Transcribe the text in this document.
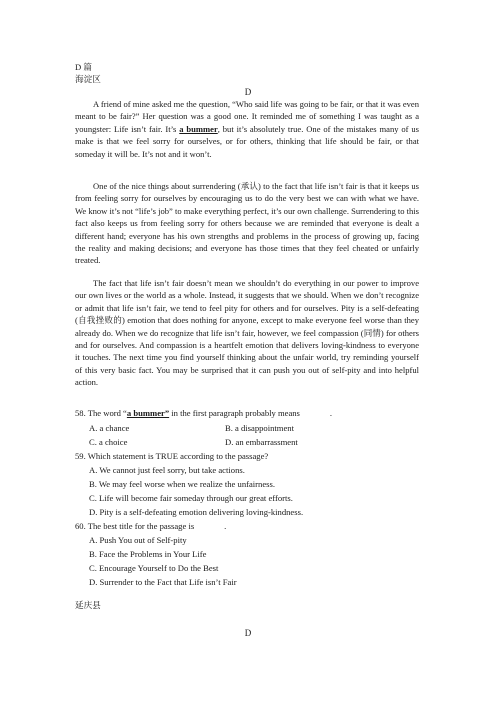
D 篇
海淀区
D
A friend of mine asked me the question, “Who said life was going to be fair, or that it was even meant to be fair?” Her question was a good one. It reminded me of something I was taught as a youngster: Life isn’t fair. It’s a bummer, but it’s absolutely true. One of the mistakes many of us make is that we feel sorry for ourselves, or for others, thinking that life should be fair, or that someday it will be. It’s not and it won’t.
One of the nice things about surrendering (承认) to the fact that life isn’t fair is that it keeps us from feeling sorry for ourselves by encouraging us to do the very best we can with what we have. We know it’s not “life’s job” to make everything perfect, it’s our own challenge. Surrendering to this fact also keeps us from feeling sorry for others because we are reminded that everyone is dealt a different hand; everyone has his own strengths and problems in the process of growing up, facing the reality and making decisions; and everyone has those times that they feel cheated or unfairly treated.
The fact that life isn’t fair doesn’t mean we shouldn’t do everything in our power to improve our own lives or the world as a whole. Instead, it suggests that we should. When we don’t recognize or admit that life isn’t fair, we tend to feel pity for others and for ourselves. Pity is a self-defeating (自我挫败的) emotion that does nothing for anyone, except to make everyone feel worse than they already do. When we do recognize that life isn’t fair, however, we feel compassion (同情) for others and for ourselves. And compassion is a heartfelt emotion that delivers loving-kindness to everyone it touches. The next time you find yourself thinking about the unfair world, try reminding yourself of this very basic fact. You may be surprised that it can push you out of self-pity and into helpful action.
58. The word “a bummer” in the first paragraph probably means	.
A. a chance	B. a disappointment
C. a choice	D. an embarrassment
59. Which statement is TRUE according to the passage?
A. We cannot just feel sorry, but take actions.
B. We may feel worse when we realize the unfairness.
C. Life will become fair someday through our great efforts.
D. Pity is a self-defeating emotion delivering loving-kindness.
60. The best title for the passage is	.
A. Push You out of Self-pity
B. Face the Problems in Your Life
C. Encourage Yourself to Do the Best
D. Surrender to the Fact that Life isn’t Fair
延庆县
D
